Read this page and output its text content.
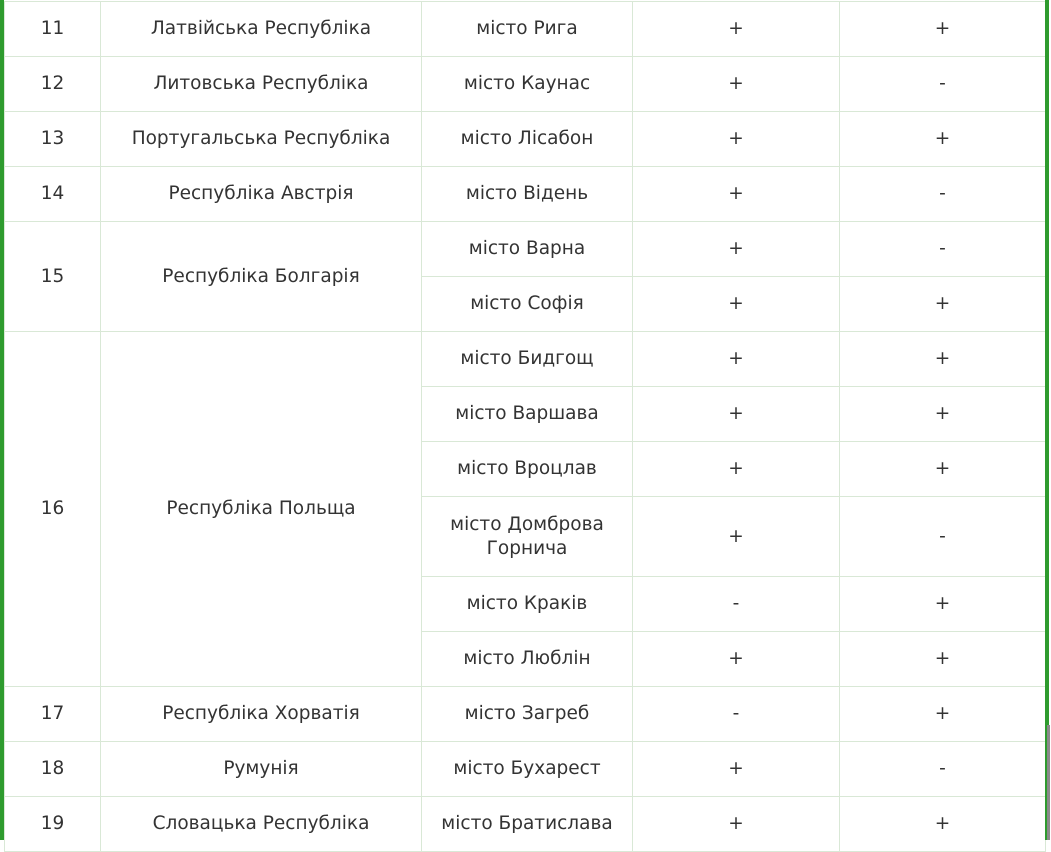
11	Латвійська Республіка	місто Рига	+	+
12	Литовська Республіка	місто Каунас	+	-
13	Португальська Республіка	місто Лісабон	+	+
14	Республіка Австрія	місто Відень	+	-
15	Республіка Болгарія	місто Варна	+	-
		місто Софія	+	+
16	Республіка Польща	місто Бидгощ	+	+
		місто Варшава	+	+
		місто Вроцлав	+	+
		місто Домброва Горнича	+	-
		місто Краків	-	+
		місто Люблін	+	+
17	Республіка Хорватія	місто Загреб	-	+
18	Румунія	місто Бухарест	+	-
19	Словацька Республіка	місто Братислава	+	+
